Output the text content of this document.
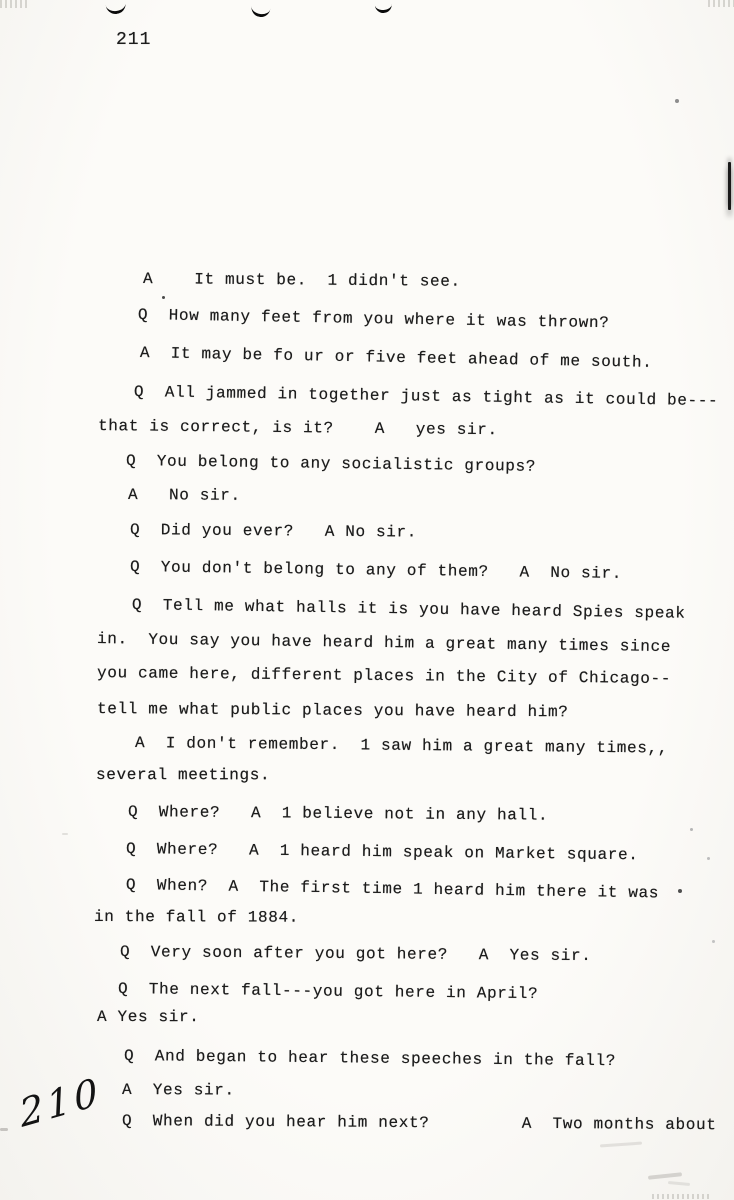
211
210
A    It must be.  1 didn't see.
Q  How many feet from you where it was thrown?
A  It may be fo ur or five feet ahead of me south.
Q  All jammed in together just as tight as it could be---
that is correct, is it?    A   yes sir.
Q  You belong to any socialistic groups?
A   No sir.
Q  Did you ever?   A No sir.
Q  You don't belong to any of them?   A  No sir.
Q  Tell me what halls it is you have heard Spies speak
in.  You say you have heard him a great many times since
you came here, different places in the City of Chicago--
tell me what public places you have heard him?
A  I don't remember.  1 saw him a great many times,,
several meetings.
Q  Where?   A  1 believe not in any hall.
Q  Where?   A  1 heard him speak on Market square.
Q  When?  A  The first time 1 heard him there it was
in the fall of 1884.
Q  Very soon after you got here?   A  Yes sir.
Q  The next fall---you got here in April?
A Yes sir.
Q  And began to hear these speeches in the fall?
A  Yes sir.
Q  When did you hear him next?         A  Two months about
